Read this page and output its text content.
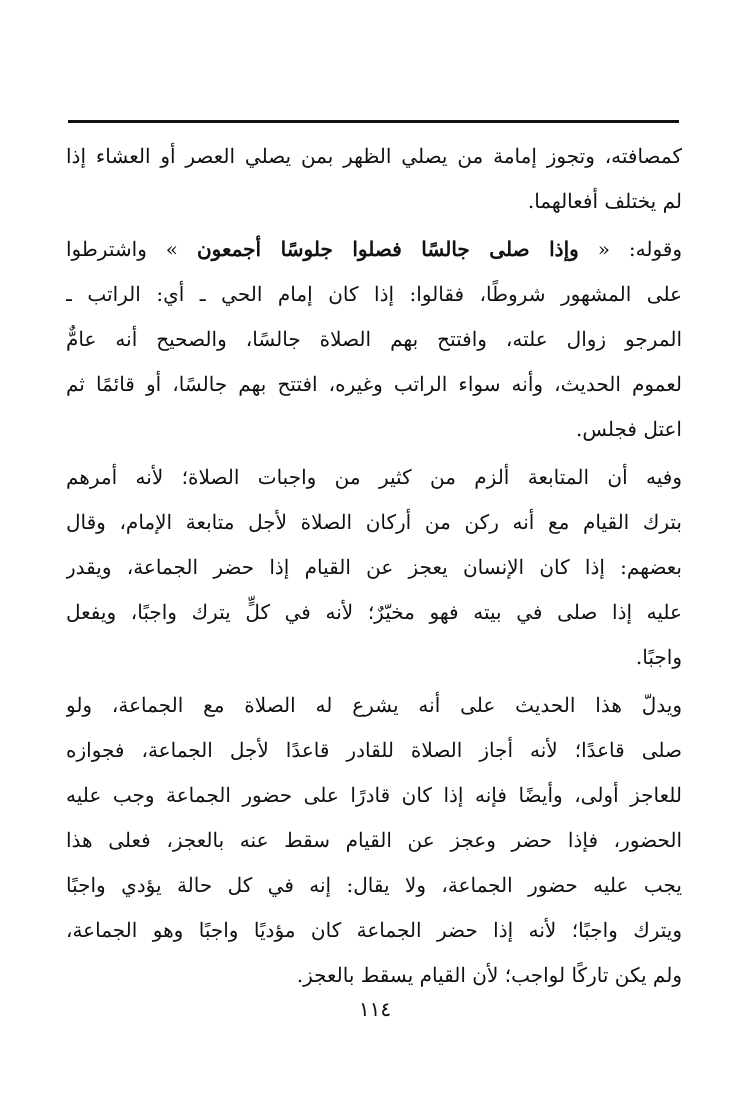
كمصافته، وتجوز إمامة من يصلي الظهر بمن يصلي العصر أو العشاء إذا
لم يختلف أفعالهما.

وقوله: « وإذا صلى جالسًا فصلوا جلوسًا أجمعون » واشترطوا
على المشهور شروطًا، فقالوا: إذا كان إمام الحي ـ أي: الراتب ـ
المرجو زوال علته، وافتتح بهم الصلاة جالسًا، والصحيح أنه عامٌّ
لعموم الحديث، وأنه سواء الراتب وغيره، افتتح بهم جالسًا، أو قائمًا ثم
اعتل فجلس.

وفيه أن المتابعة ألزم من كثير من واجبات الصلاة؛ لأنه أمرهم
بترك القيام مع أنه ركن من أركان الصلاة لأجل متابعة الإمام، وقال
بعضهم: إذا كان الإنسان يعجز عن القيام إذا حضر الجماعة، ويقدر
عليه إذا صلى في بيته فهو مخيّرٌ؛ لأنه في كلٍّ يترك واجبًا، ويفعل
واجبًا.

ويدلّ هذا الحديث على أنه يشرع له الصلاة مع الجماعة، ولو
صلى قاعدًا؛ لأنه أجاز الصلاة للقادر قاعدًا لأجل الجماعة، فجوازه
للعاجز أولى، وأيضًا فإنه إذا كان قادرًا على حضور الجماعة وجب عليه
الحضور، فإذا حضر وعجز عن القيام سقط عنه بالعجز، فعلى هذا
يجب عليه حضور الجماعة، ولا يقال: إنه في كل حالة يؤدي واجبًا
ويترك واجبًا؛ لأنه إذا حضر الجماعة كان مؤديًا واجبًا وهو الجماعة،
ولم يكن تاركًا لواجب؛ لأن القيام يسقط بالعجز.

١١٤
